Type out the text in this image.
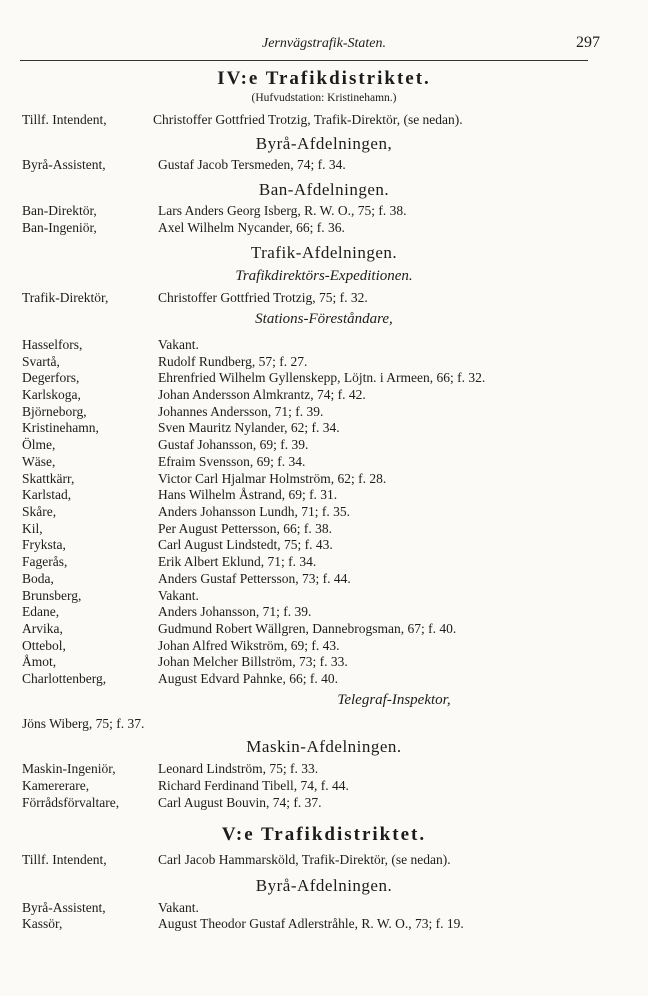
Jernvägstrafik-Staten.	297
IV:e Trafikdistriktet.
(Hufvudstation: Kristinehamn.)
Tillf. Intendent,	Christoffer Gottfried Trotzig, Trafik-Direktör, (se nedan).
Byrå-Afdelningen,
Byrå-Assistent,	Gustaf Jacob Tersmeden, 74; f. 34.
Ban-Afdelningen.
Ban-Direktör,	Lars Anders Georg Isberg, R. W. O., 75; f. 38.
Ban-Ingeniör,	Axel Wilhelm Nycander, 66; f. 36.
Trafik-Afdelningen.
Trafikdirektörs-Expeditionen.
Trafik-Direktör,	Christoffer Gottfried Trotzig, 75; f. 32.
Stations-Föreståndare,
Hasselfors,	Vakant.
Svartå,	Rudolf Rundberg, 57; f. 27.
Degerfors,	Ehrenfried Wilhelm Gyllenskepp, Löjtn. i Armeen, 66; f. 32.
Karlskoga,	Johan Andersson Almkrantz, 74; f. 42.
Björneborg,	Johannes Andersson, 71; f. 39.
Kristinehamn,	Sven Mauritz Nylander, 62; f. 34.
Ölme,	Gustaf Johansson, 69; f. 39.
Wäse,	Efraim Svensson, 69; f. 34.
Skattkärr,	Victor Carl Hjalmar Holmström, 62; f. 28.
Karlstad,	Hans Wilhelm Åstrand, 69; f. 31.
Skåre,	Anders Johansson Lundh, 71; f. 35.
Kil,	Per August Pettersson, 66; f. 38.
Fryksta,	Carl August Lindstedt, 75; f. 43.
Fagerås,	Erik Albert Eklund, 71; f. 34.
Boda,	Anders Gustaf Pettersson, 73; f. 44.
Brunsberg,	Vakant.
Edane,	Anders Johansson, 71; f. 39.
Arvika,	Gudmund Robert Wällgren, Dannebrogsman, 67; f. 40.
Ottebol,	Johan Alfred Wikström, 69; f. 43.
Åmot,	Johan Melcher Billström, 73; f. 33.
Charlottenberg,	August Edvard Pahnke, 66; f. 40.
Telegraf-Inspektor,
Jöns Wiberg, 75; f. 37.
Maskin-Afdelningen.
Maskin-Ingeniör,	Leonard Lindström, 75; f. 33.
Kamererare,	Richard Ferdinand Tibell, 74, f. 44.
Förrådsförvaltare,	Carl August Bouvin, 74; f. 37.
V:e Trafikdistriktet.
Tillf. Intendent,	Carl Jacob Hammarsköld, Trafik-Direktör, (se nedan).
Byrå-Afdelningen.
Byrå-Assistent,	Vakant.
Kassör,	August Theodor Gustaf Adlerstråhle, R. W. O., 73; f. 19.
